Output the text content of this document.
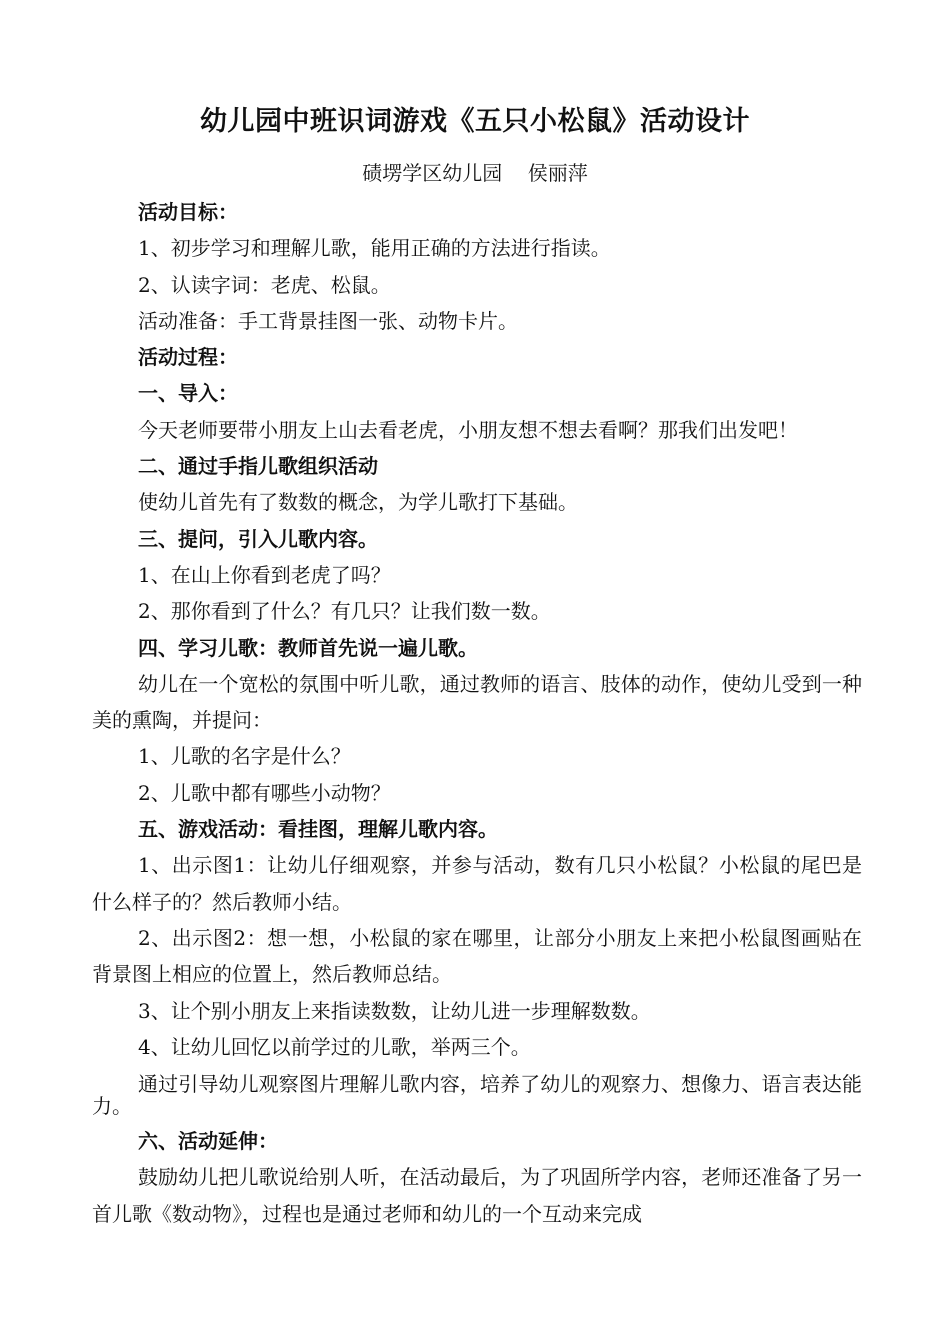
幼儿园中班识词游戏《五只小松鼠》活动设计
碛塄学区幼儿园    侯丽萍

活动目标：

1、初步学习和理解儿歌，能用正确的方法进行指读。

2、认读字词：老虎、松鼠。

活动准备：手工背景挂图一张、动物卡片。

活动过程：

一、导入：

今天老师要带小朋友上山去看老虎，小朋友想不想去看啊？那我们出发吧！

二、通过手指儿歌组织活动

使幼儿首先有了数数的概念，为学儿歌打下基础。

三、提问，引入儿歌内容。

1、在山上你看到老虎了吗？

2、那你看到了什么？有几只？让我们数一数。

四、学习儿歌：教师首先说一遍儿歌。

幼儿在一个宽松的氛围中听儿歌，通过教师的语言、肢体的动作，使幼儿受到一种美的熏陶，并提问：

1、儿歌的名字是什么？

2、儿歌中都有哪些小动物？

五、游戏活动：看挂图，理解儿歌内容。

1、出示图1：让幼儿仔细观察，并参与活动，数有几只小松鼠？小松鼠的尾巴是什么样子的？然后教师小结。

2、出示图2：想一想，小松鼠的家在哪里，让部分小朋友上来把小松鼠图画贴在背景图上相应的位置上，然后教师总结。

3、让个别小朋友上来指读数数，让幼儿进一步理解数数。

4、让幼儿回忆以前学过的儿歌，举两三个。

通过引导幼儿观察图片理解儿歌内容，培养了幼儿的观察力、想像力、语言表达能力。

六、活动延伸：

鼓励幼儿把儿歌说给别人听，在活动最后，为了巩固所学内容，老师还准备了另一首儿歌《数动物》，过程也是通过老师和幼儿的一个互动来完成
